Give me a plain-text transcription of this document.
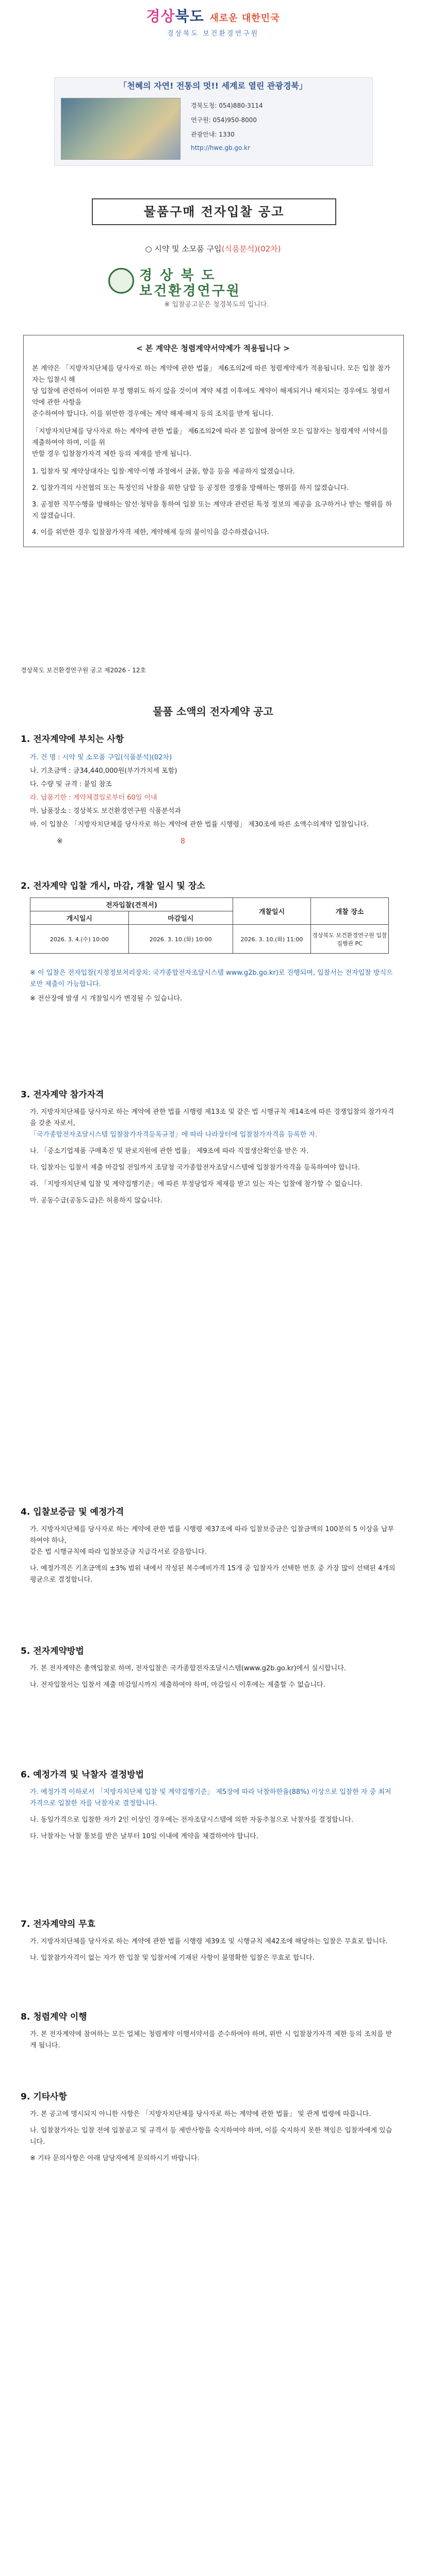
경상북도 새로운 대한민국
경상북도 보건환경연구원
「천혜의 자연! 전통의 멋!! 세계로 열린 관광경북」
경북도청: 054)880-3114
연구원: 054)950-8000
관광안내: 1330
http://hwe.gb.go.kr
물품구매 전자입찰 공고
○ 시약 및 소모품 구입(식품분석)(02차)
경 상 북 도
보건환경연구원
※ 입찰공고문은 청경북도의 입니다.
< 본 계약은 청렴계약서약제가 적용됩니다 >
본 계약은 「지방자치단체를 당사자로 하는 계약에 관한 법률」 제6조의2에 따른 청렴계약제가 적용됩니다. 모든 입찰 참가자는 입찰시 해
당 입찰에 관련하여 어떠한 부정 행위도 하지 않을 것이며 계약 체결 이후에도 계약이 해제되거나 해지되는 경우에도 청렴서약에 관한 사항을
준수하여야 합니다. 이를 위반한 경우에는 계약 해제·해지 등의 조치를 받게 됩니다.
「지방자치단체를 당사자로 하는 계약에 관한 법률」 제6조의2에 따라 본 입찰에 참여한 모든 입찰자는 청렴계약 서약서를 제출하여야 하며, 이를 위
반할 경우 입찰참가자격 제한 등의 제재를 받게 됩니다.
1. 입찰자 및 계약상대자는 입찰·계약·이행 과정에서 금품, 향응 등을 제공하지 않겠습니다.
2. 입찰가격의 사전협의 또는 특정인의 낙찰을 위한 담합 등 공정한 경쟁을 방해하는 행위를 하지 않겠습니다.
3. 공정한 직무수행을 방해하는 알선·청탁을 통하여 입찰 또는 계약과 관련된 특정 정보의 제공을 요구하거나 받는 행위를 하지 않겠습니다.
4. 이를 위반한 경우 입찰참가자격 제한, 계약해제 등의 불이익을 감수하겠습니다.
경상북도 보건환경연구원 공고 제2026 - 12호
물품 소액의 전자계약 공고
1. 전자계약에 부치는 사항
가. 건 명 : 시약 및 소모품 구입(식품분석)(02차)
나. 기초금액 : 금34,440,000원(부가가치세 포함)
다. 수량 및 규격 : 붙임 참조
라. 납품기한 : 계약체결일로부터 60일 이내
마. 납품장소 : 경상북도 보건환경연구원 식품분석과
바. 이 입찰은 「지방자치단체를 당사자로 하는 계약에 관한 법률 시행령」 제30조에 따른 소액수의계약 입찰입니다.
※	8
2. 전자계약 입찰 개시, 마감, 개찰 일시 및 장소
전자입찰(견적서)		개찰일시	개찰 장소
개시일시	마감일시		
2026. 3. 4.(수) 10:00	2026. 3. 10.(화) 10:00	2026. 3. 10.(화) 11:00	경상북도 보건환경연구원 입찰집행관 PC
※ 이 입찰은 전자입찰(지정정보처리장치: 국가종합전자조달시스템 www.g2b.go.kr)로 진행되며, 입찰서는 전자입찰 방식으로만 제출이 가능합니다.
※ 전산장애 발생 시 개찰일시가 변경될 수 있습니다.
3. 전자계약 참가자격
가. 지방자치단체를 당사자로 하는 계약에 관한 법률 시행령 제13조 및 같은 법 시행규칙 제14조에 따른 경쟁입찰의 참가자격을 갖춘 자로서,
「국가종합전자조달시스템 입찰참가자격등록규정」에 따라 나라장터에 입찰참가자격을 등록한 자.
나. 「중소기업제품 구매촉진 및 판로지원에 관한 법률」 제9조에 따라 직접생산확인을 받은 자.
다. 입찰자는 입찰서 제출 마감일 전일까지 조달청 국가종합전자조달시스템에 입찰참가자격을 등록하여야 합니다.
라. 「지방자치단체 입찰 및 계약집행기준」에 따른 부정당업자 제재를 받고 있는 자는 입찰에 참가할 수 없습니다.
마. 공동수급(공동도급)은 허용하지 않습니다.
4. 입찰보증금 및 예정가격
가. 지방자치단체를 당사자로 하는 계약에 관한 법률 시행령 제37조에 따라 입찰보증금은 입찰금액의 100분의 5 이상을 납부하여야 하나,
같은 법 시행규칙에 따라 입찰보증금 지급각서로 갈음합니다.
나. 예정가격은 기초금액의 ±3% 범위 내에서 작성된 복수예비가격 15개 중 입찰자가 선택한 번호 중 가장 많이 선택된 4개의 평균으로 결정합니다.
5. 전자계약방법
가. 본 전자계약은 총액입찰로 하며, 전자입찰은 국가종합전자조달시스템(www.g2b.go.kr)에서 실시합니다.
나. 전자입찰서는 입찰서 제출 마감일시까지 제출하여야 하며, 마감일시 이후에는 제출할 수 없습니다.
6. 예정가격 및 낙찰자 결정방법
가. 예정가격 이하로서 「지방자치단체 입찰 및 계약집행기준」 제5장에 따라 낙찰하한율(88%) 이상으로 입찰한 자 중 최저가격으로 입찰한 자를 낙찰자로 결정합니다.
나. 동일가격으로 입찰한 자가 2인 이상인 경우에는 전자조달시스템에 의한 자동추첨으로 낙찰자를 결정합니다.
다. 낙찰자는 낙찰 통보를 받은 날부터 10일 이내에 계약을 체결하여야 합니다.
7. 전자계약의 무효
가. 지방자치단체를 당사자로 하는 계약에 관한 법률 시행령 제39조 및 시행규칙 제42조에 해당하는 입찰은 무효로 합니다.
나. 입찰참가자격이 없는 자가 한 입찰 및 입찰서에 기재된 사항이 불명확한 입찰은 무효로 합니다.
8. 청렴계약 이행
가. 본 전자계약에 참여하는 모든 업체는 청렴계약 이행서약서를 준수하여야 하며, 위반 시 입찰참가자격 제한 등의 조치를 받게 됩니다.
9. 기타사항
가. 본 공고에 명시되지 아니한 사항은 「지방자치단체를 당사자로 하는 계약에 관한 법률」 및 관계 법령에 따릅니다.
나. 입찰참가자는 입찰 전에 입찰공고 및 규격서 등 제반사항을 숙지하여야 하며, 이를 숙지하지 못한 책임은 입찰자에게 있습니다.
※ 기타 문의사항은 아래 담당자에게 문의하시기 바랍니다.
